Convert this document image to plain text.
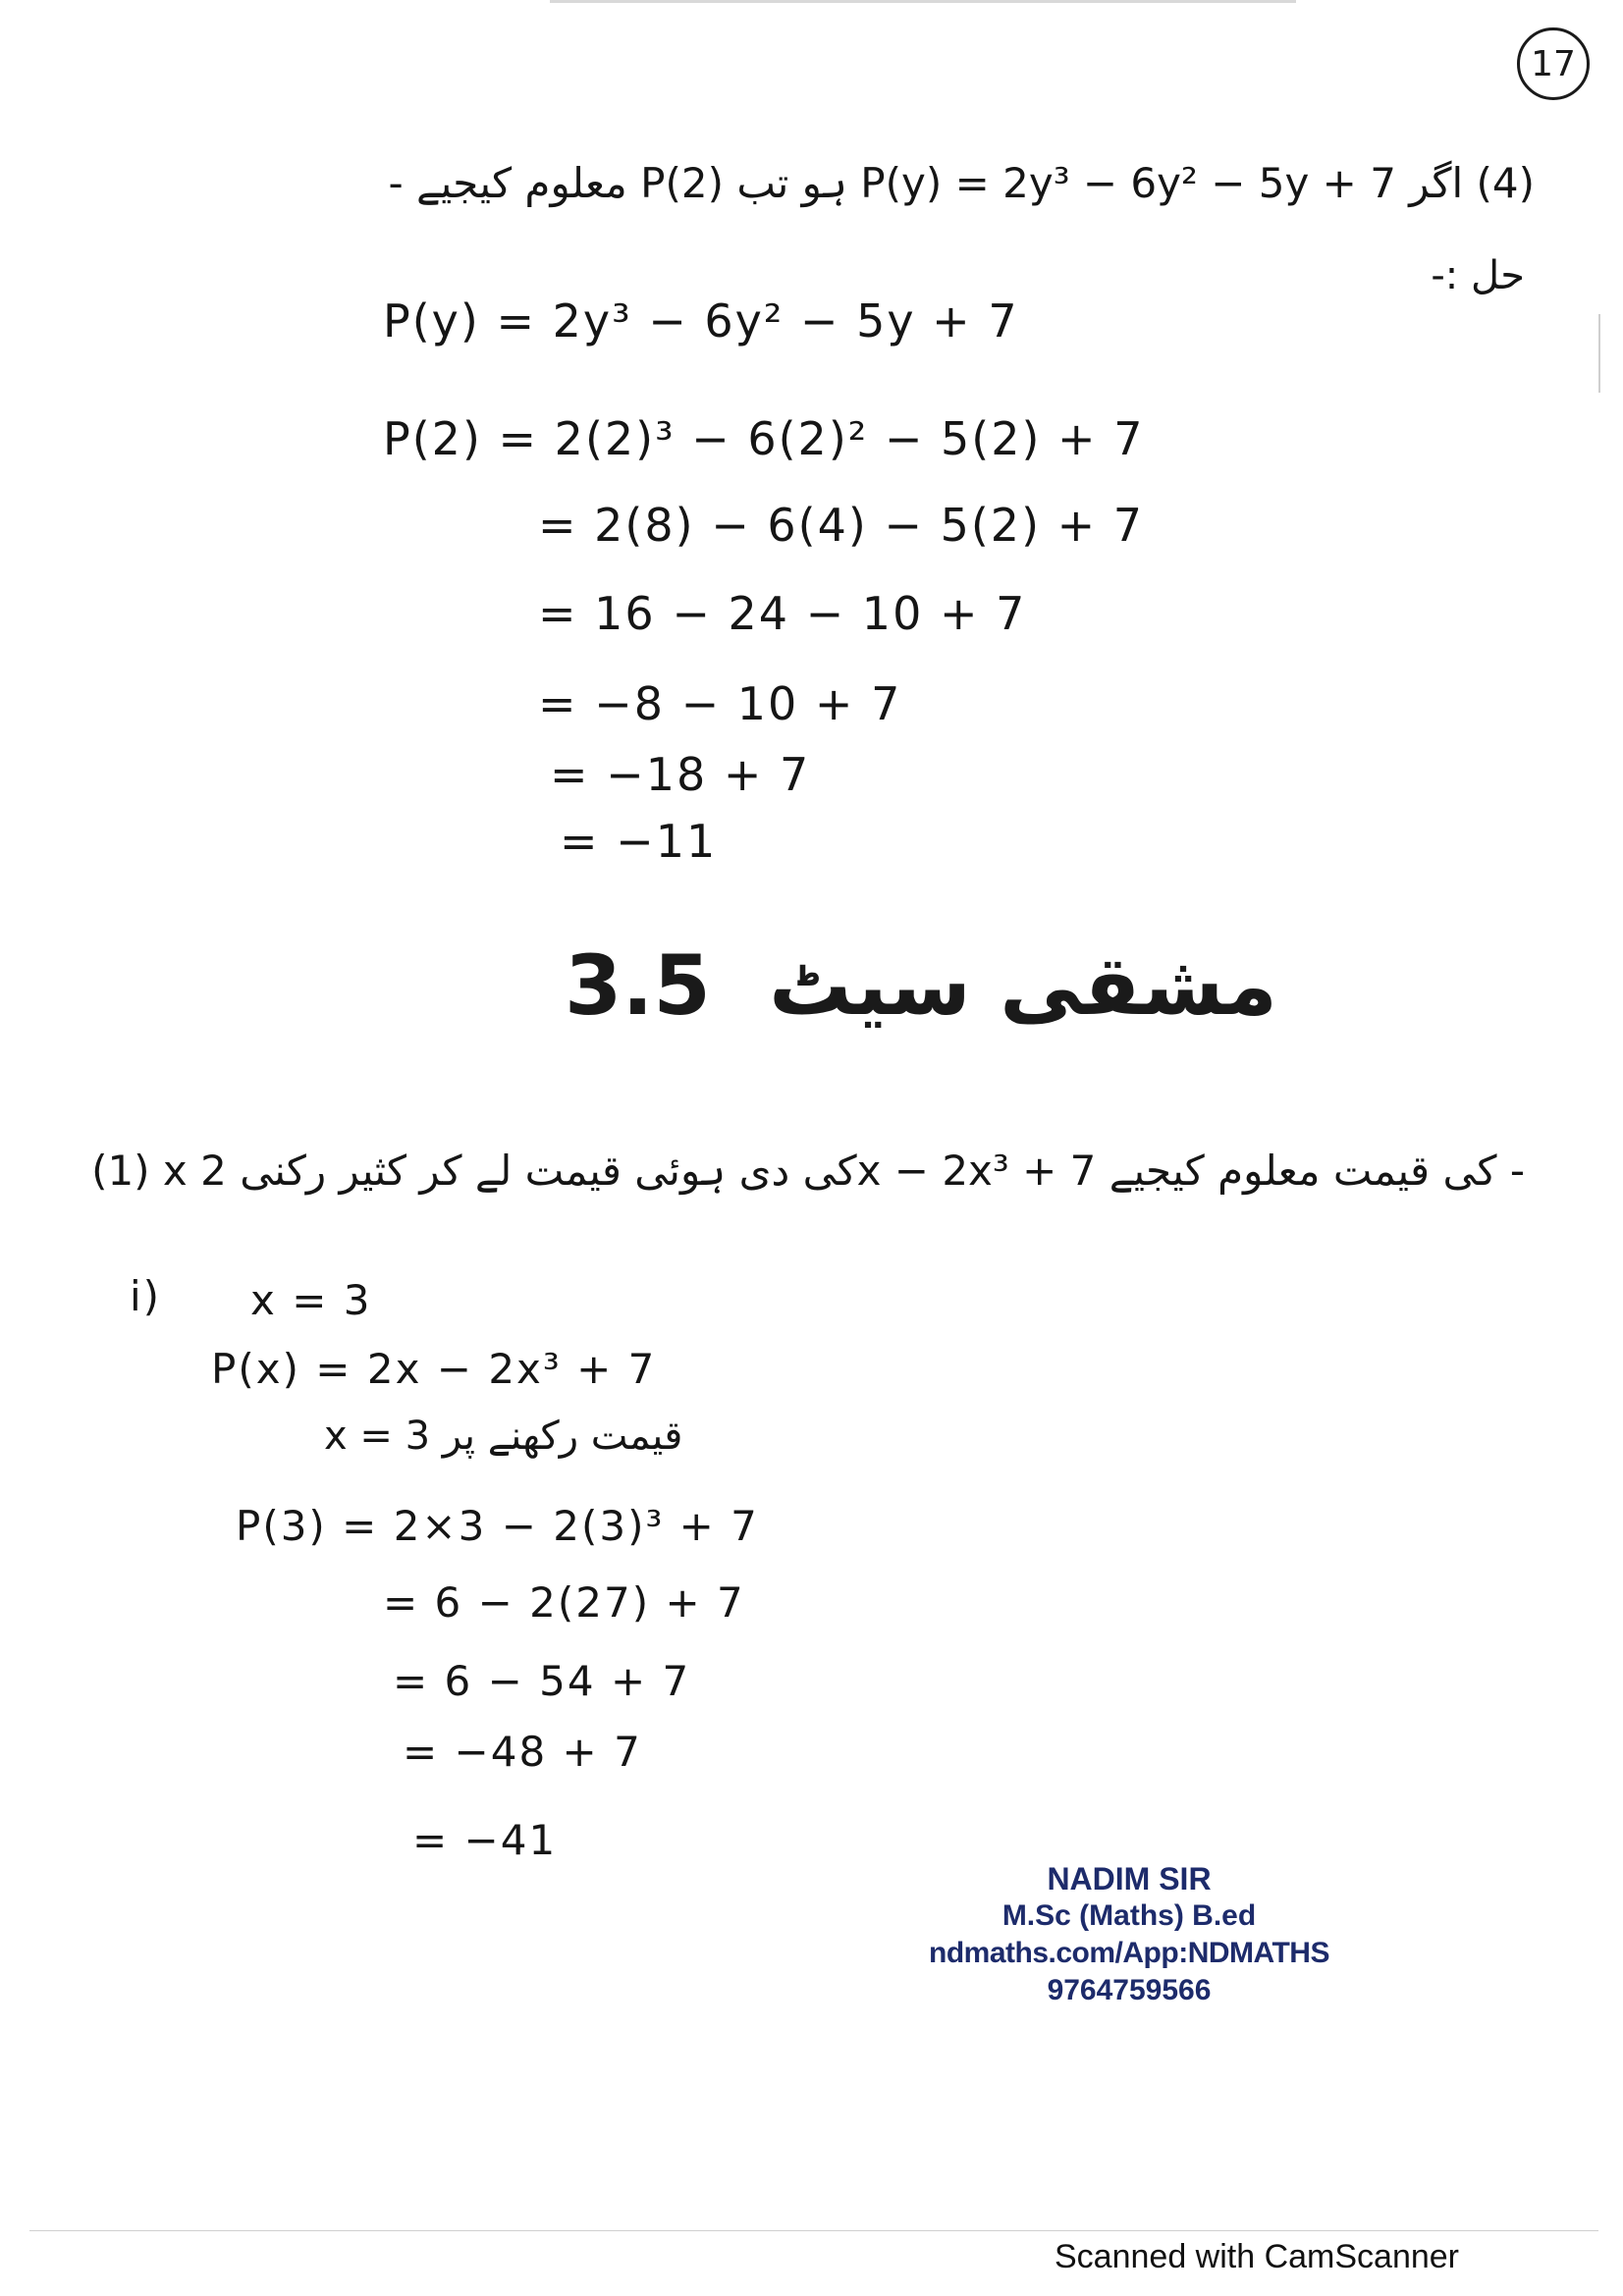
17
(4) اگر P(y) = 2y³ − 6y² − 5y + 7 ہو تب P(2) معلوم کیجیے -
حل :-
P(y) = 2y³ − 6y² − 5y + 7
P(2) = 2(2)³ − 6(2)² − 5(2) + 7
= 2(8) − 6(4) − 5(2) + 7
= 16 − 24 − 10 + 7
= −8 − 10 + 7
= −18 + 7
= −11
3.5 مشقی سیٹ
(1) x کی دی ہوئی قیمت لے کر کثیر رکنی 2x − 2x³ + 7 کی قیمت معلوم کیجیے -
i) x = 3
P(x) = 2x − 2x³ + 7
x = 3 قیمت رکھنے پر
P(3) = 2×3 − 2(3)³ + 7
= 6 − 2(27) + 7
= 6 − 54 + 7
= −48 + 7
= −41
NADIM SIR
M.Sc (Maths) B.ed
ndmaths.com/App:NDMATHS
9764759566
Scanned with CamScanner
